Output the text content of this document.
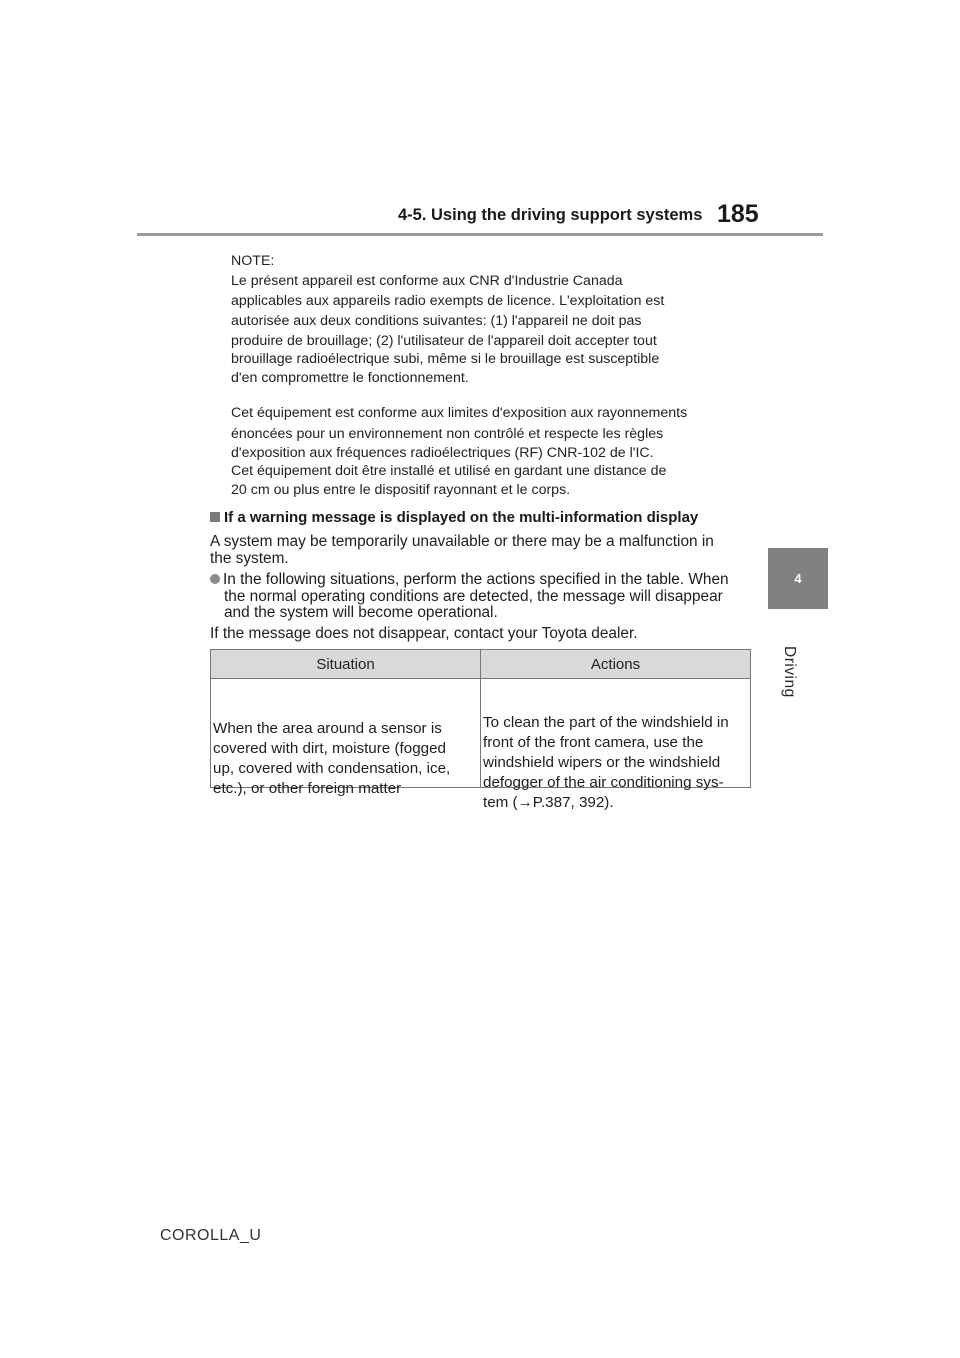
4-5. Using the driving support systems 185
4
Driving
NOTE:
Le présent appareil est conforme aux CNR d'Industrie Canada
applicables aux appareils radio exempts de licence. L'exploitation est
autorisée aux deux conditions suivantes: (1) l'appareil ne doit pas
produire de brouillage; (2) l'utilisateur de l'appareil doit accepter tout
brouillage radioélectrique subi, même si le brouillage est susceptible
d'en compromettre le fonctionnement.
Cet équipement est conforme aux limites d'exposition aux rayonnements
énoncées pour un environnement non contrôlé et respecte les règles
d'exposition aux fréquences radioélectriques (RF) CNR-102 de l'IC.
Cet équipement doit être installé et utilisé en gardant une distance de
20 cm ou plus entre le dispositif rayonnant et le corps.
If a warning message is displayed on the multi-information display
A system may be temporarily unavailable or there may be a malfunction in
the system.
In the following situations, perform the actions specified in the table. When
the normal operating conditions are detected, the message will disappear
and the system will become operational.
If the message does not disappear, contact your Toyota dealer.
Situation	Actions
When the area around a sensor is
covered with dirt, moisture (fogged
up, covered with condensation, ice,
etc.), or other foreign matter
To clean the part of the windshield in
front of the front camera, use the
windshield wipers or the windshield
defogger of the air conditioning sys-
tem (→P.387, 392).
COROLLA_U
